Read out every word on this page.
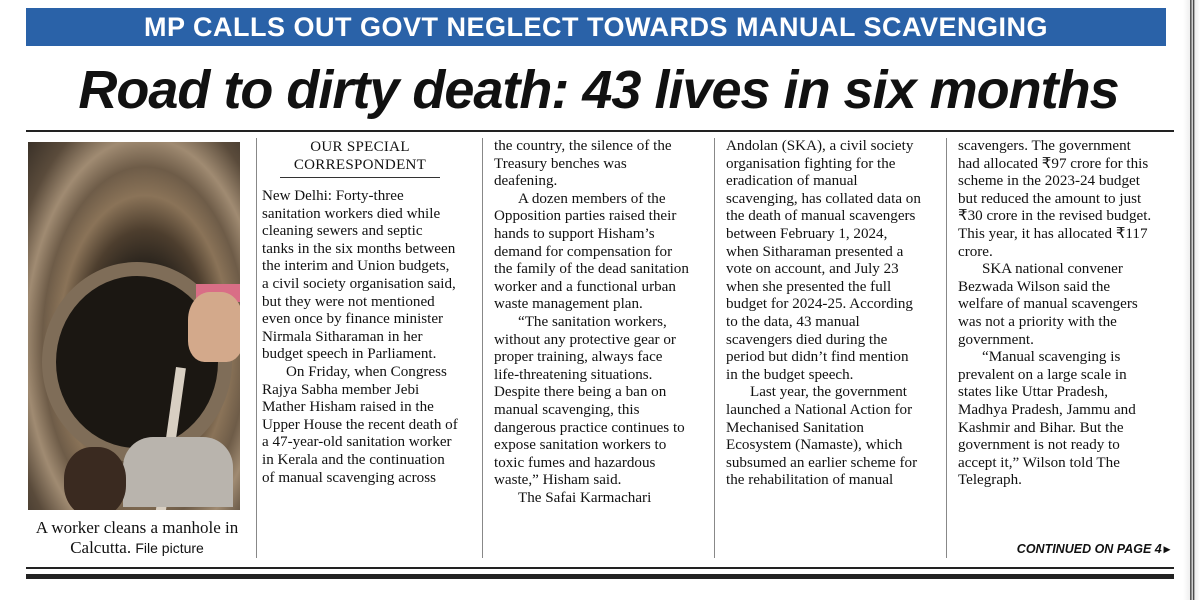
MP CALLS OUT GOVT NEGLECT TOWARDS MANUAL SCAVENGING
Road to dirty death: 43 lives in six months
A worker cleans a manhole in Calcutta. File picture
OUR SPECIAL CORRESPONDENT

New Delhi: Forty-three sanitation workers died while cleaning sewers and septic tanks in the six months between the interim and Union budgets, a civil society organisation said, but they were not mentioned even once by finance minister Nirmala Sitharaman in her budget speech in Parliament.

On Friday, when Congress Rajya Sabha member Jebi Mather Hisham raised in the Upper House the recent death of a 47-year-old sanitation worker in Kerala and the continuation of manual scavenging across

the country, the silence of the Treasury benches was deafening.

A dozen members of the Opposition parties raised their hands to support Hisham’s demand for compensation for the family of the dead sanitation worker and a functional urban waste management plan.

“The sanitation workers, without any protective gear or proper training, always face life-threatening situations. Despite there being a ban on manual scavenging, this dangerous practice continues to expose sanitation workers to toxic fumes and hazardous waste,” Hisham said.

The Safai Karmachari

Andolan (SKA), a civil society organisation fighting for the eradication of manual scavenging, has collated data on the death of manual scavengers between February 1, 2024, when Sitharaman presented a vote on account, and July 23 when she presented the full budget for 2024-25. According to the data, 43 manual scavengers died during the period but didn’t find mention in the budget speech.

Last year, the government launched a National Action for Mechanised Sanitation Ecosystem (Namaste), which subsumed an earlier scheme for the rehabilitation of manual

scavengers. The government had allocated ₹97 crore for this scheme in the 2023-24 budget but reduced the amount to just ₹30 crore in the revised budget. This year, it has allocated ₹117 crore.

SKA national convener Bezwada Wilson said the welfare of manual scavengers was not a priority with the government.

“Manual scavenging is prevalent on a large scale in states like Uttar Pradesh, Madhya Pradesh, Jammu and Kashmir and Bihar. But the government is not ready to accept it,” Wilson told The Telegraph.

CONTINUED ON PAGE 4 ▸
